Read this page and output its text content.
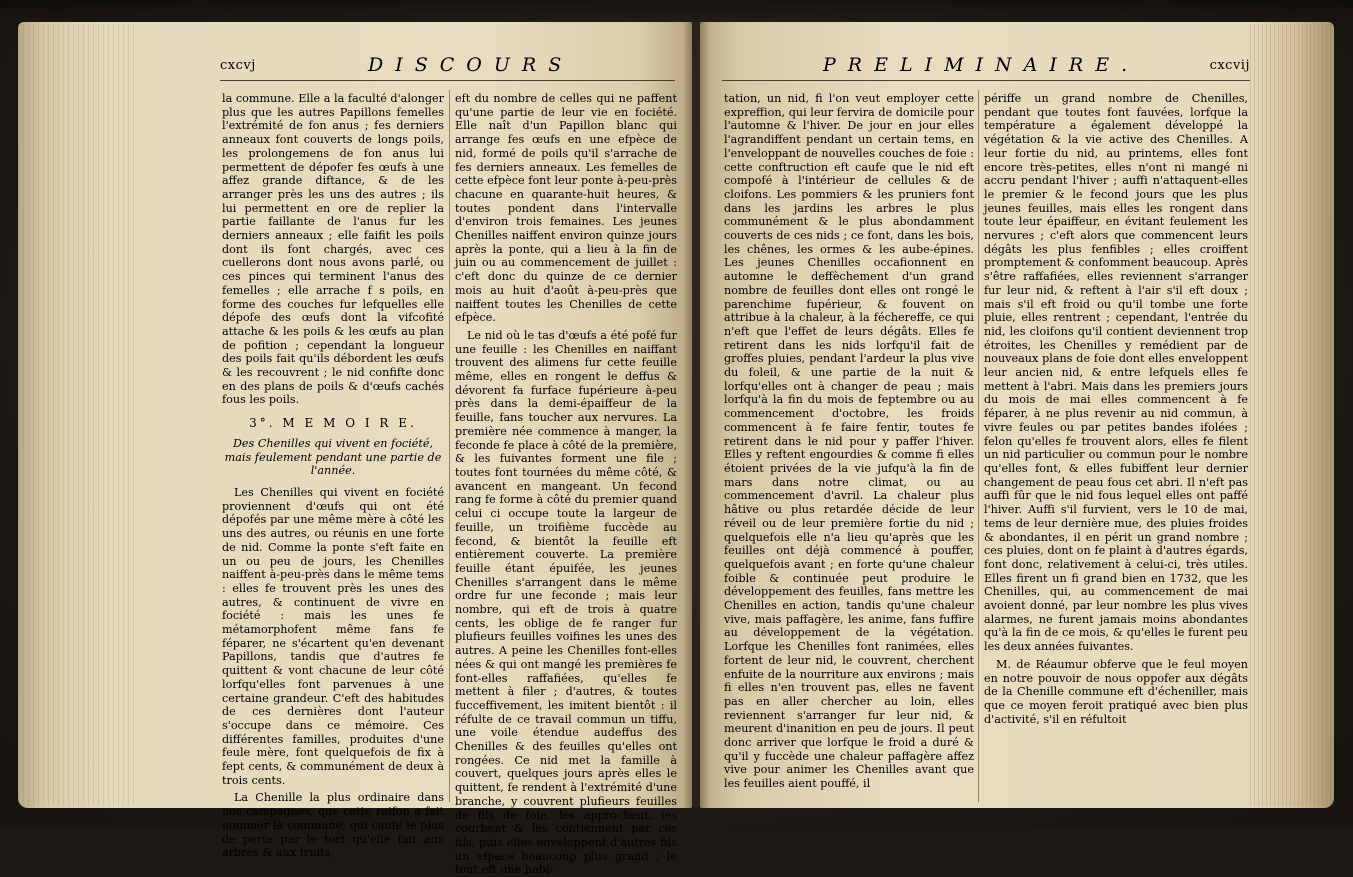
cxcvj	DISCOURS	PRELIMINAIRE.	cxcvij

la commune. Elle a la faculté d'alonger plus que les autres Papillons femelles l'extrémité de fon anus ; fes derniers anneaux font couverts de longs poils, les prolongemens de fon anus lui permettent de dépofer fes œufs à une affez grande diftance, & de les arranger près les uns des autres ; ils lui permettent en ore de replier la partie faillante de l'anus fur les derniers anneaux ; elle faifit les poils dont ils font chargés, avec ces cuellerons dont nous avons parlé, ou ces pinces qui terminent l'anus des femelles ; elle arrache f s poils, en forme des couches fur lefquelles elle dépofe des œufs dont la vifcofité attache & les poils & les œufs au plan de pofition ; cependant la longueur des poils fait qu'ils débordent les œufs & les recouvrent ; le nid confifte donc en des plans de poils & d'œufs cachés fous les poils.

3°. M E M O I R E.
Des Chenilles qui vivent en fociété, mais feulement pendant une partie de l'année.

Les Chenilles qui vivent en fociété proviennent d'œufs qui ont été dépofés par une même mère à côté les uns des autres, ou réunis en une forte de nid. Comme la ponte s'eft faite en un ou peu de jours, les Chenilles naiffent à-peu-près dans le même tems : elles fe trouvent près les unes des autres, & continuent de vivre en fociété : mais les unes fe métamorphofent même fans fe féparer, ne s'écartent qu'en devenant Papillons, tandis que d'autres fe quittent & vont chacune de leur côté lorfqu'elles font parvenues à une certaine grandeur. C'eft des habitudes de ces dernières dont l'auteur s'occupe dans ce mémoire. Ces différentes familles, produites d'une feule mère, font quelquefois de fix à fept cents, & communément de deux à trois cents.

La Chenille la plus ordinaire dans nos campagnes, que cette raifon a fait nommer la commune, qui caufe le plus de perte par le tort qu'elle fait aux arbres & aux fruits,

eft du nombre de celles qui ne paffent qu'une partie de leur vie en fociété. Elle naît d'un Papillon blanc qui arrange fes œufs en une efpèce de nid, formé de poils qu'il s'arrache de fes derniers anneaux. Les femelles de cette efpèce font leur ponte à-peu-près chacune en quarante-huit heures, & toutes pondent dans l'intervalle d'environ trois femaines. Les jeunes Chenilles naiffent environ quinze jours après la ponte, qui a lieu à la fin de juin ou au commencement de juillet : c'eft donc du quinze de ce dernier mois au huit d'août à-peu-près que naiffent toutes les Chenilles de cette efpèce.

Le nid où le tas d'œufs a été pofé fur une feuille : les Chenilles en naiffant trouvent des alimens fur cette feuille même, elles en rongent le deffus & dévorent fa furface fupérieure à-peu près dans la demi-épaiffeur de la feuille, fans toucher aux nervures. La première née commence à manger, la feconde fe place à côté de la première, & les fuivantes forment une file ; toutes font tournées du même côté, & avancent en mangeant. Un fecond rang fe forme à côté du premier quand celui ci occupe toute la largeur de feuille, un troifième fuccède au fecond, & bientôt la feuille eft entièrement couverte. La première feuille étant épuifée, les jeunes Chenilles s'arrangent dans le même ordre fur une feconde ; mais leur nombre, qui eft de trois à quatre cents, les oblige de fe ranger fur plufieurs feuilles voifines les unes des autres. A peine les Chenilles font-elles nées & qui ont mangé les premières fe font-elles raffafiées, qu'elles fe mettent à filer ; d'autres, & toutes fucceffivement, les imitent bientôt : il réfulte de ce travail commun un tiffu, une voile étendue audeffus des Chenilles & des feuilles qu'elles ont rongées. Ce nid met la famille à couvert, quelques jours après elles le quittent, fe rendent à l'extrémité d'une branche, y couvrent plufieurs feuilles de fils de foie, les approchent, les courbent & les contiennent par ces fils, puis elles enveloppent d'autres fils un efpace beaucoup plus grand ; le tout eft une habi-

tation, un nid, fi l'on veut employer cette expreffion, qui leur fervira de domicile pour l'automne & l'hiver. De jour en jour elles l'agrandiffent pendant un certain tems, en l'enveloppant de nouvelles couches de foie : cette conftruction eft caufe que le nid eft compofé à l'intérieur de cellules & de cloifons. Les pommiers & les pruniers font dans les jardins les arbres le plus communément & le plus abondamment couverts de ces nids ; ce font, dans les bois, les chênes, les ormes & les aube-épines. Les jeunes Chenilles occafionnent en automne le deffèchement d'un grand nombre de feuilles dont elles ont rongé le parenchime fupérieur, & fouvent on attribue à la chaleur, à la féchereffe, ce qui n'eft que l'effet de leurs dégâts. Elles fe retirent dans les nids lorfqu'il fait de groffes pluies, pendant l'ardeur la plus vive du foleil, & une partie de la nuit & lorfqu'elles ont à changer de peau ; mais lorfqu'à la fin du mois de feptembre ou au commencement d'octobre, les froids commencent à fe faire fentir, toutes fe retirent dans le nid pour y paffer l'hiver. Elles y reftent engourdies & comme fi elles étoient privées de la vie jufqu'à la fin de mars dans notre climat, ou au commencement d'avril. La chaleur plus hâtive ou plus retardée décide de leur réveil ou de leur première fortie du nid ; quelquefois elle n'a lieu qu'après que les feuilles ont déjà commencé à pouffer, quelquefois avant ; en forte qu'une chaleur foible & continuée peut produire le développement des feuilles, fans mettre les Chenilles en action, tandis qu'une chaleur vive, mais paffagère, les anime, fans fuffire au développement de la végétation. Lorfque les Chenilles font ranimées, elles fortent de leur nid, le couvrent, cherchent enfuite de la nourriture aux environs ; mais fi elles n'en trouvent pas, elles ne favent pas en aller chercher au loin, elles reviennent s'arranger fur leur nid, & meurent d'inanition en peu de jours. Il peut donc arriver que lorfque le froid a duré & qu'il y fuccède une chaleur paffagère affez vive pour animer les Chenilles avant que les feuilles aient pouffé, il

périffe un grand nombre de Chenilles, pendant que toutes font fauvées, lorfque la température a également développé la végétation & la vie active des Chenilles. A leur fortie du nid, au printems, elles font encore très-petites, elles n'ont ni mangé ni accru pendant l'hiver ; auffi n'attaquent-elles le premier & le fecond jours que les plus jeunes feuilles, mais elles les rongent dans toute leur épaiffeur, en évitant feulement les nervures ; c'eft alors que commencent leurs dégâts les plus fenfibles ; elles croiffent promptement & confomment beaucoup. Après s'être raffafiées, elles reviennent s'arranger fur leur nid, & reftent à l'air s'il eft doux ; mais s'il eft froid ou qu'il tombe une forte pluie, elles rentrent ; cependant, l'entrée du nid, les cloifons qu'il contient deviennent trop étroites, les Chenilles y remédient par de nouveaux plans de foie dont elles enveloppent leur ancien nid, & entre lefquels elles fe mettent à l'abri. Mais dans les premiers jours du mois de mai elles commencent à fe féparer, à ne plus revenir au nid commun, à vivre feules ou par petites bandes ifolées ; felon qu'elles fe trouvent alors, elles fe filent un nid particulier ou commun pour le nombre qu'elles font, & elles fubiffent leur dernier changement de peau fous cet abri. Il n'eft pas auffi fûr que le nid fous lequel elles ont paffé l'hiver. Auffi s'il furvient, vers le 10 de mai, tems de leur dernière mue, des pluies froides & abondantes, il en périt un grand nombre ; ces pluies, dont on fe plaint à d'autres égards, font donc, relativement à celui-ci, très utiles. Elles firent un fi grand bien en 1732, que les Chenilles, qui, au commencement de mai avoient donné, par leur nombre les plus vives alarmes, ne furent jamais moins abondantes qu'à la fin de ce mois, & qu'elles le furent peu les deux années fuivantes.

M. de Réaumur obferve que le feul moyen en notre pouvoir de nous oppofer aux dégâts de la Chenille commune eft d'écheniller, mais que ce moyen feroit pratiqué avec bien plus d'activité, s'il en réfultoit
